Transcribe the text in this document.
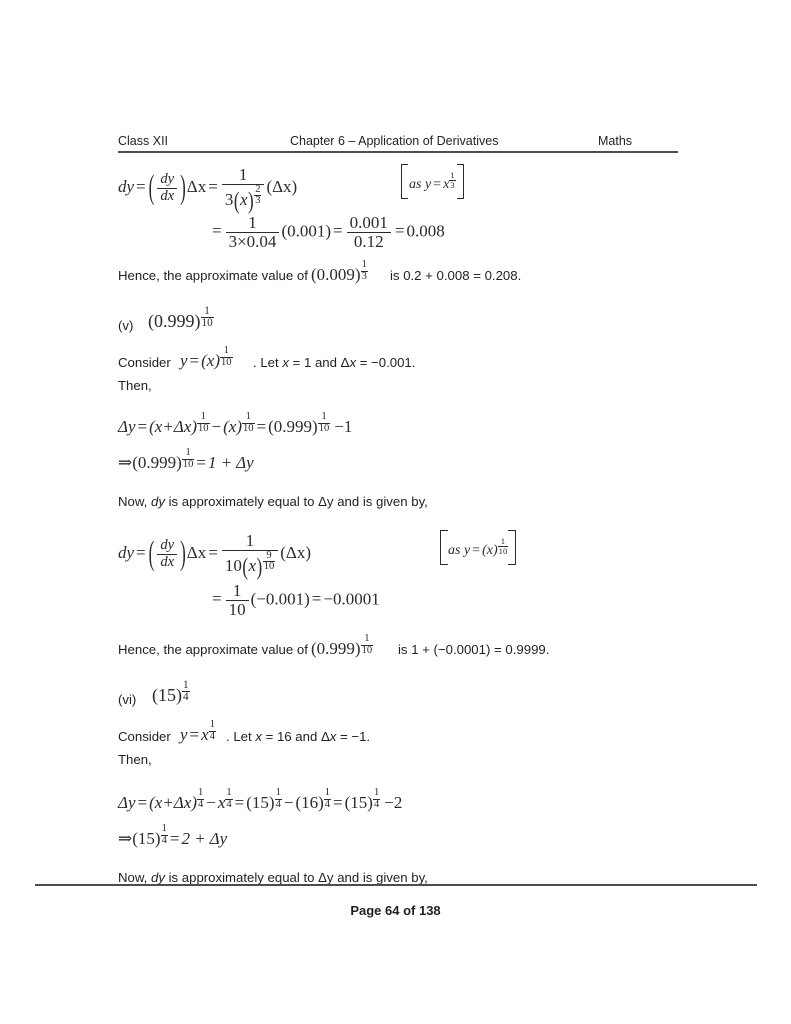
Class XII	Chapter 6 – Application of Derivatives	Maths
dy = ( $\frac{dy}{dx} )\Delta x = 1$
3(x) $^{\frac{2}{3}}$ (Δx)	as y = x $^{\frac{1}{3}}$
= $\frac{1}{3\times 0.04} (0.001) = \frac{0.001}{0.12} = 0.008$
Hence, the approximate value of (0.009) $^{\frac{1}{3}}$ is 0.2 + 0.008 = 0.208.
(v) (0.999) $^{\frac{1}{10}}$
Consider y = (x) $^{\frac{1}{10}}$ . Let x = 1 and Δx = −0.001.
Then,
Δy = (x+Δx) $^{\frac{1}{10}}$ − (x) $^{\frac{1}{10}}$ = (0.999) $^{\frac{1}{10}}$ −1
⇒(0.999) $^{\frac{1}{10}}$ = 1 + Δy
Now, dy is approximately equal to Δy and is given by,
dy = ( $\frac{dy}{dx} )\Delta x = 1$
10(x) $^{\frac{9}{10}}$ (Δx)	as y = (x) $^{\frac{1}{10}}$
= $\frac{1}{10} (-0.001) = -0.0001$
Hence, the approximate value of (0.999) $^{\frac{1}{10}}$ is 1 + (−0.0001) = 0.9999.
(vi) (15) $^{\frac{1}{4}}$
Consider y = x $^{\frac{1}{4}}$ . Let x = 16 and Δx = −1.
Then,
Δy = (x+Δx) $^{\frac{1}{4}}$ − x $^{\frac{1}{4}}$ = (15) $^{\frac{1}{4}}$ − (16) $^{\frac{1}{4}}$ = (15) $^{\frac{1}{4}}$ −2
⇒(15) $^{\frac{1}{4}}$ = 2 + Δy
Now, dy is approximately equal to Δy and is given by,
Page 64 of 138
